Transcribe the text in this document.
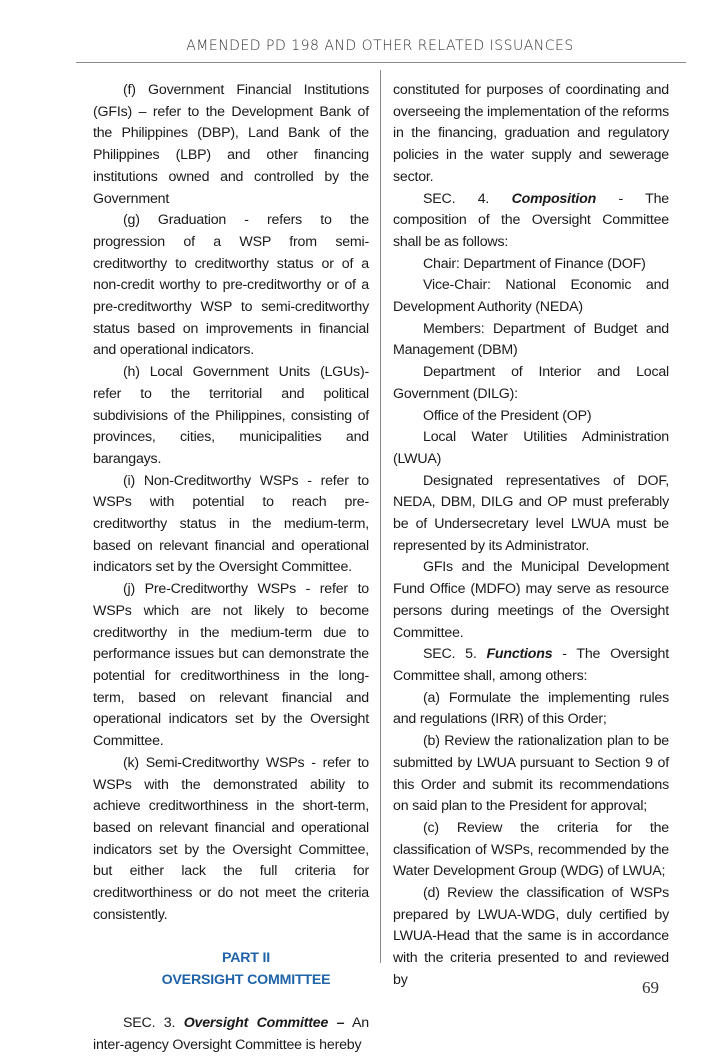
AMENDED PD 198 AND OTHER RELATED ISSUANCES

(f) Government Financial Institutions (GFIs) – refer to the Development Bank of the Philippines (DBP), Land Bank of the Philippines (LBP) and other financing institutions owned and controlled by the Government

(g) Graduation - refers to the progression of a WSP from semi-creditworthy to creditworthy status or of a non-credit worthy to pre-creditworthy or of a pre-creditworthy WSP to semi-creditworthy status based on improvements in financial and operational indicators.

(h) Local Government Units (LGUs)- refer to the territorial and political subdivisions of the Philippines, consisting of provinces, cities, municipalities and barangays.

(i) Non-Creditworthy WSPs - refer to WSPs with potential to reach pre-creditworthy status in the medium-term, based on relevant financial and operational indicators set by the Oversight Committee.

(j) Pre-Creditworthy WSPs - refer to WSPs which are not likely to become creditworthy in the medium-term due to performance issues but can demonstrate the potential for creditworthiness in the long-term, based on relevant financial and operational indicators set by the Oversight Committee.

(k) Semi-Creditworthy WSPs - refer to WSPs with the demonstrated ability to achieve creditworthiness in the short-term, based on relevant financial and operational indicators set by the Oversight Committee, but either lack the full criteria for creditworthiness or do not meet the criteria consistently.

PART II

OVERSIGHT COMMITTEE

SEC. 3. Oversight Committee – An inter-agency Oversight Committee is hereby

constituted for purposes of coordinating and overseeing the implementation of the reforms in the financing, graduation and regulatory policies in the water supply and sewerage sector.

SEC. 4. Composition - The composition of the Oversight Committee shall be as follows:

Chair: Department of Finance (DOF)

Vice-Chair: National Economic and Development Authority (NEDA)

Members: Department of Budget and Management (DBM)

Department of Interior and Local Government (DILG):

Office of the President (OP)

Local Water Utilities Administration (LWUA)

Designated representatives of DOF, NEDA, DBM, DILG and OP must preferably be of Undersecretary level LWUA must be represented by its Administrator.

GFIs and the Municipal Development Fund Office (MDFO) may serve as resource persons during meetings of the Oversight Committee.

SEC. 5. Functions - The Oversight Committee shall, among others:

(a) Formulate the implementing rules and regulations (IRR) of this Order;

(b) Review the rationalization plan to be submitted by LWUA pursuant to Section 9 of this Order and submit its recommendations on said plan to the President for approval;

(c) Review the criteria for the classification of WSPs, recommended by the Water Development Group (WDG) of LWUA;

(d) Review the classification of WSPs prepared by LWUA-WDG, duly certified by LWUA-Head that the same is in accordance with the criteria presented to and reviewed by	69
